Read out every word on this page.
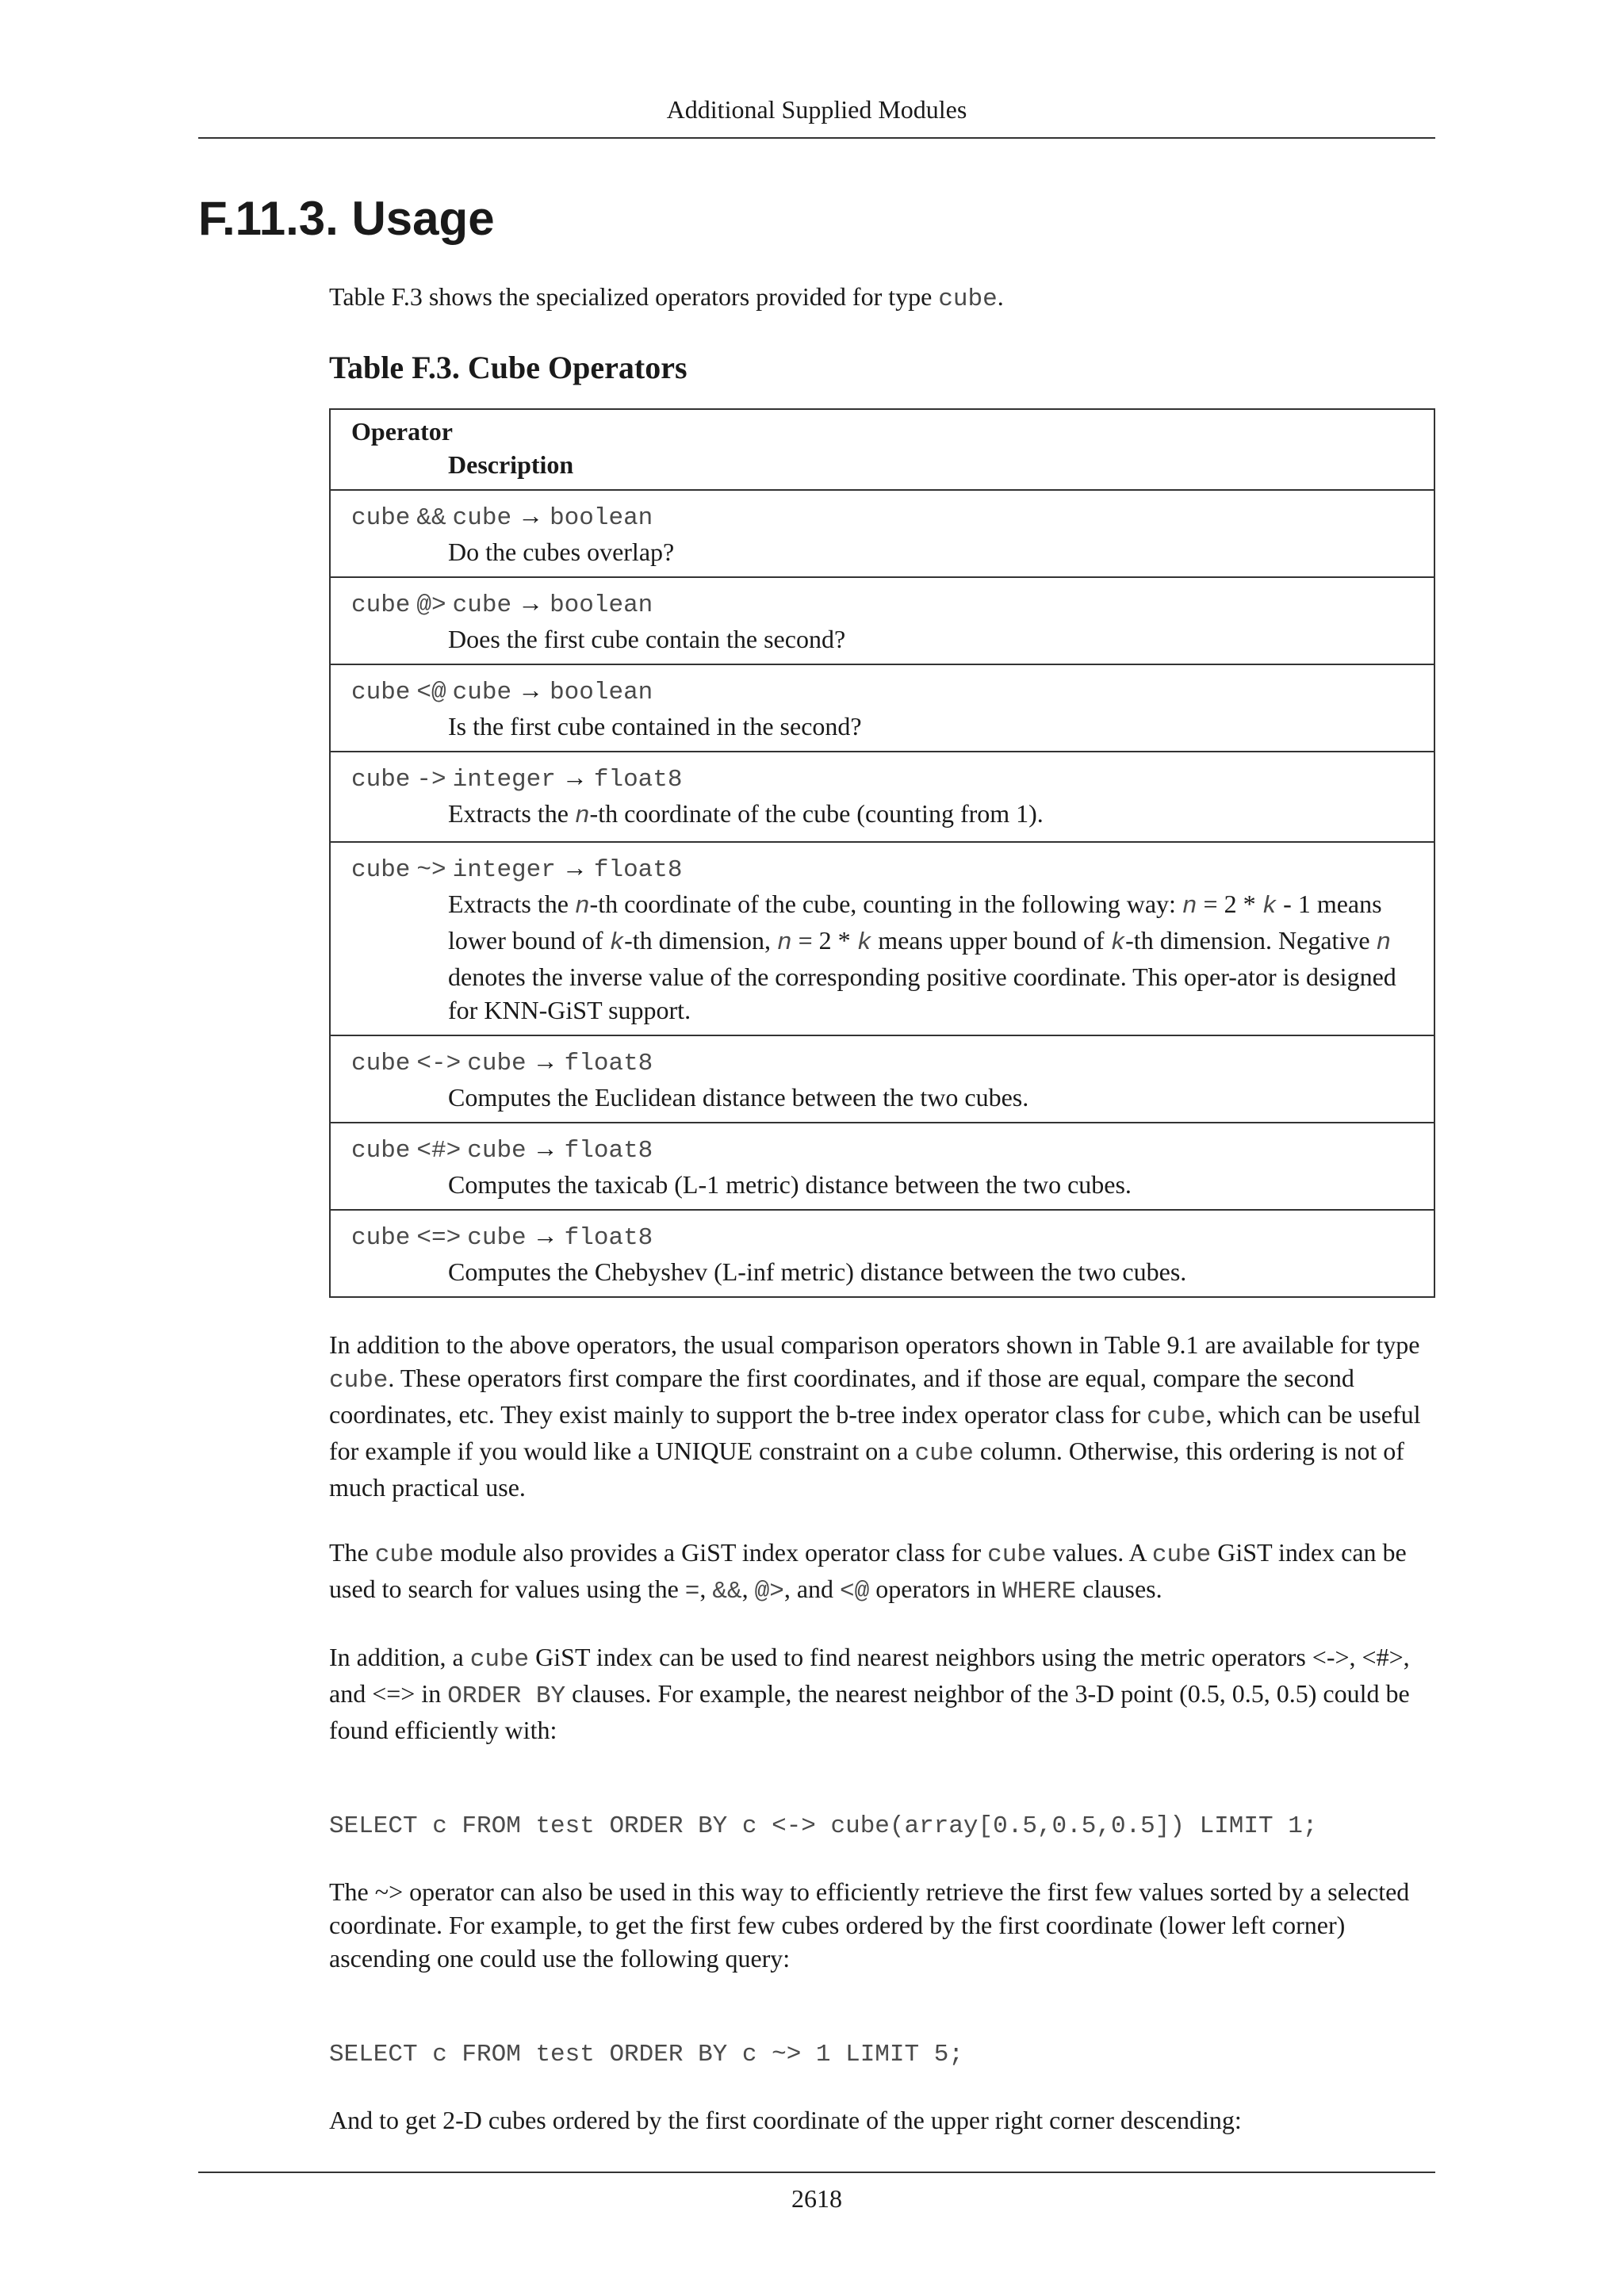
Additional Supplied Modules
F.11.3. Usage

Table F.3 shows the specialized operators provided for type cube.

Table F.3. Cube Operators
Operator
Description
cube && cube → boolean
Do the cubes overlap?
cube @> cube → boolean
Does the first cube contain the second?
cube <@ cube → boolean
Is the first cube contained in the second?
cube -> integer → float8
Extracts the n-th coordinate of the cube (counting from 1).
cube ~> integer → float8
Extracts the n-th coordinate of the cube, counting in the following way: n = 2 * k - 1 means lower bound of k-th dimension, n = 2 * k means upper bound of k-th dimension. Negative n denotes the inverse value of the corresponding positive coordinate. This oper-ator is designed for KNN-GiST support.
cube <-> cube → float8
Computes the Euclidean distance between the two cubes.
cube <#> cube → float8
Computes the taxicab (L-1 metric) distance between the two cubes.
cube <=> cube → float8
Computes the Chebyshev (L-inf metric) distance between the two cubes.

In addition to the above operators, the usual comparison operators shown in Table 9.1 are available for type cube. These operators first compare the first coordinates, and if those are equal, compare the second coordinates, etc. They exist mainly to support the b-tree index operator class for cube, which can be useful for example if you would like a UNIQUE constraint on a cube column. Otherwise, this ordering is not of much practical use.

The cube module also provides a GiST index operator class for cube values. A cube GiST index can be used to search for values using the =, &&, @>, and <@ operators in WHERE clauses.

In addition, a cube GiST index can be used to find nearest neighbors using the metric operators <->, <#>, and <=> in ORDER BY clauses. For example, the nearest neighbor of the 3-D point (0.5, 0.5, 0.5) could be found efficiently with:

SELECT c FROM test ORDER BY c <-> cube(array[0.5,0.5,0.5]) LIMIT 1;

The ~> operator can also be used in this way to efficiently retrieve the first few values sorted by a selected coordinate. For example, to get the first few cubes ordered by the first coordinate (lower left corner) ascending one could use the following query:

SELECT c FROM test ORDER BY c ~> 1 LIMIT 5;

And to get 2-D cubes ordered by the first coordinate of the upper right corner descending:

2618
